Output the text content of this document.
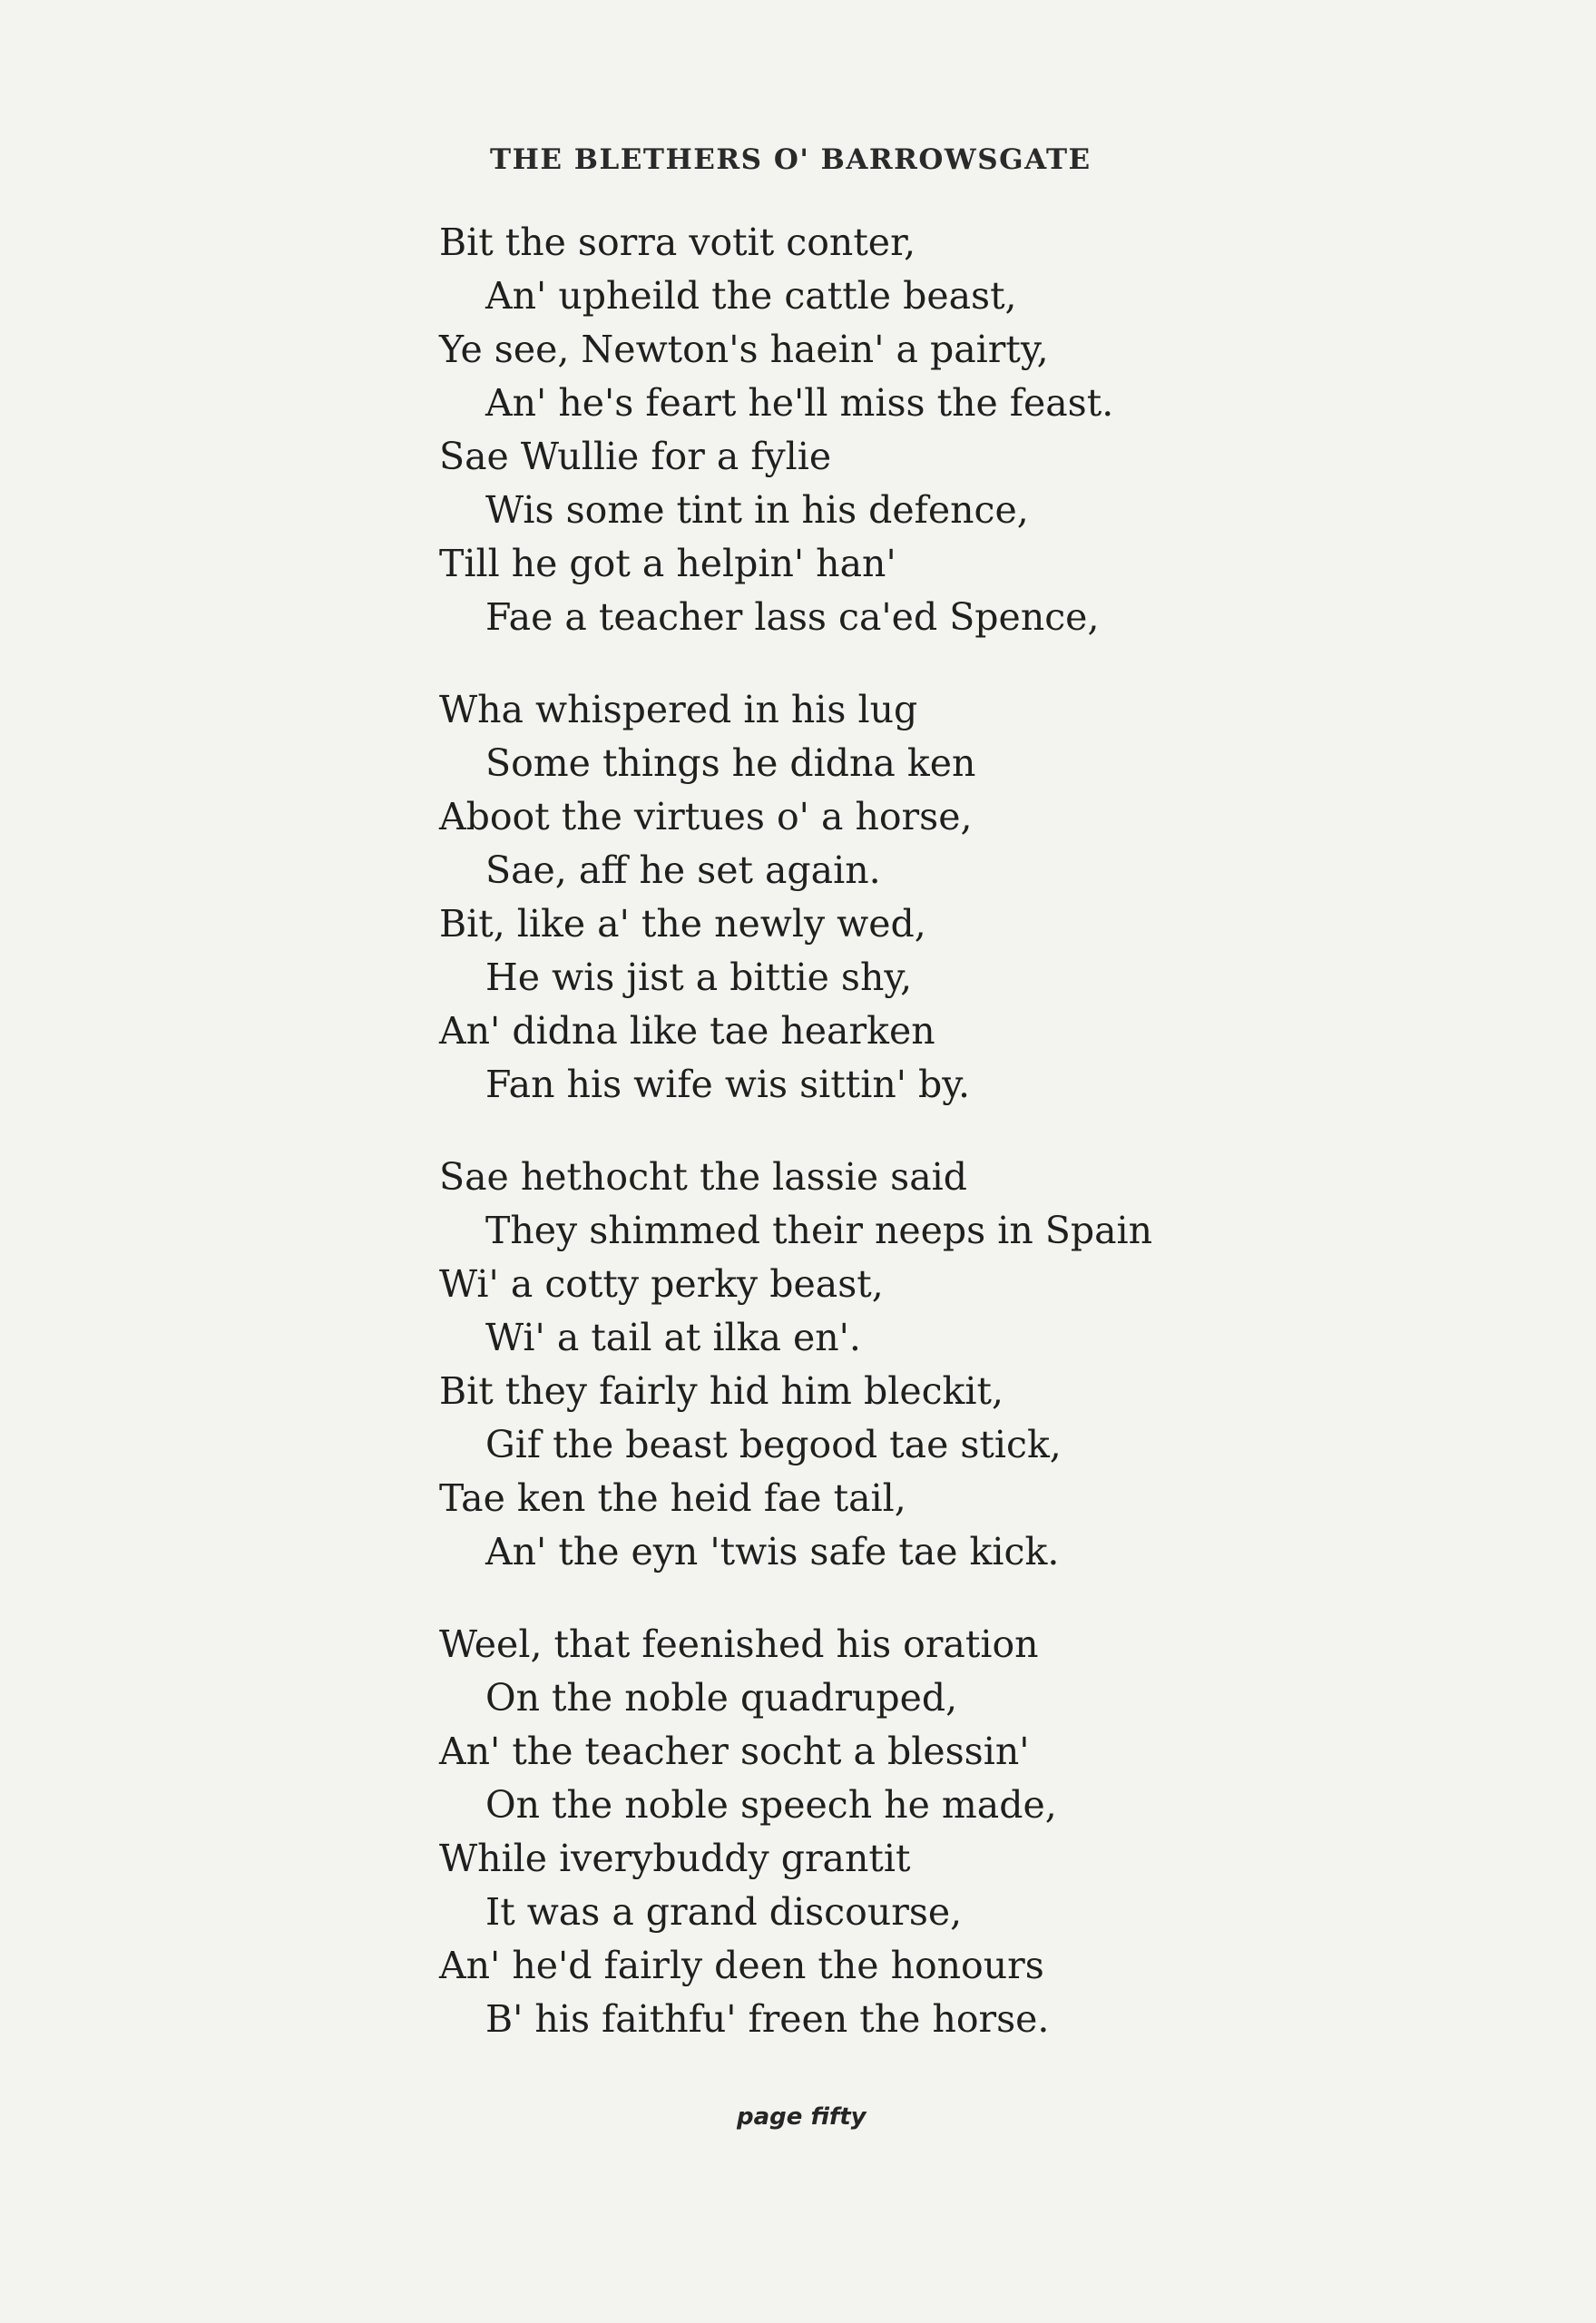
THE BLETHERS O' BARROWSGATE
Bit the sorra votit conter,
An' upheild the cattle beast,
Ye see, Newton's haein' a pairty,
An' he's feart he'll miss the feast.
Sae Wullie for a fylie
Wis some tint in his defence,
Till he got a helpin' han'
Fae a teacher lass ca'ed Spence,
Wha whispered in his lug
Some things he didna ken
Aboot the virtues o' a horse,
Sae, aff he set again.
Bit, like a' the newly wed,
He wis jist a bittie shy,
An' didna like tae hearken
Fan his wife wis sittin' by.
Sae hethocht the lassie said
They shimmed their neeps in Spain
Wi' a cotty perky beast,
Wi' a tail at ilka en'.
Bit they fairly hid him bleckit,
Gif the beast begood tae stick,
Tae ken the heid fae tail,
An' the eyn 'twis safe tae kick.
Weel, that feenished his oration
On the noble quadruped,
An' the teacher socht a blessin'
On the noble speech he made,
While iverybuddy grantit
It was a grand discourse,
An' he'd fairly deen the honours
B' his faithfu' freen the horse.
page fifty
